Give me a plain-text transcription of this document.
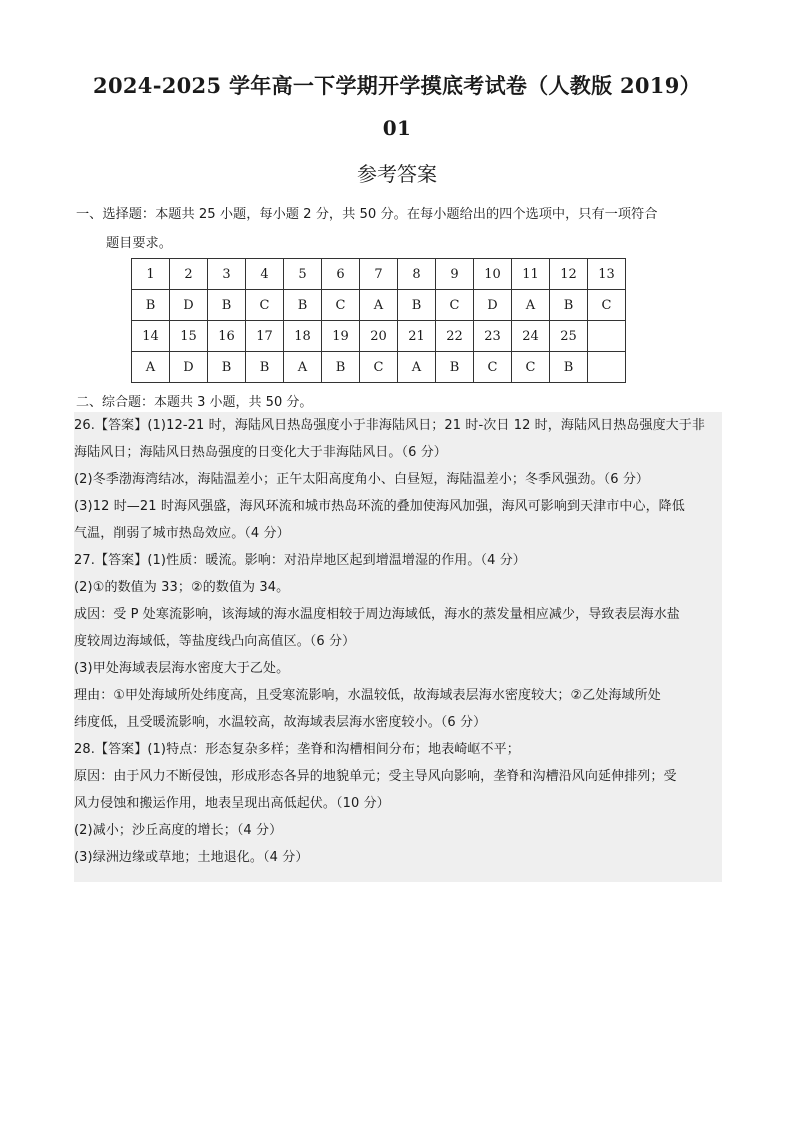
2024-2025 学年高一下学期开学摸底考试卷（人教版 2019）
01
参考答案
一、选择题：本题共 25 小题，每小题 2 分，共 50 分。在每小题给出的四个选项中，只有一项符合
题目要求。
1	2	3	4	5	6	7	8	9	10	11	12	13
B	D	B	C	B	C	A	B	C	D	A	B	C
14	15	16	17	18	19	20	21	22	23	24	25	
A	D	B	B	A	B	C	A	B	C	C	B	
二、综合题：本题共 3 小题，共 50 分。

26.【答案】(1)12-21 时，海陆风日热岛强度小于非海陆风日；21 时-次日 12 时，海陆风日热岛强度大于非

海陆风日；海陆风日热岛强度的日变化大于非海陆风日。（6 分）

(2)冬季渤海湾结冰，海陆温差小；正午太阳高度角小、白昼短，海陆温差小；冬季风强劲。（6 分）

(3)12 时—21 时海风强盛，海风环流和城市热岛环流的叠加使海风加强，海风可影响到天津市中心，降低

气温，削弱了城市热岛效应。（4 分）

27.【答案】(1)性质：暖流。影响：对沿岸地区起到增温增湿的作用。（4 分）

(2)①的数值为 33；②的数值为 34。

成因：受 P 处寒流影响，该海域的海水温度相较于周边海域低，海水的蒸发量相应减少，导致表层海水盐

度较周边海域低，等盐度线凸向高值区。（6 分）

(3)甲处海域表层海水密度大于乙处。

理由：①甲处海域所处纬度高，且受寒流影响，水温较低，故海域表层海水密度较大；②乙处海域所处

纬度低，且受暖流影响，水温较高，故海域表层海水密度较小。（6 分）

28.【答案】(1)特点：形态复杂多样；垄脊和沟槽相间分布；地表崎岖不平；

原因：由于风力不断侵蚀，形成形态各异的地貌单元；受主导风向影响，垄脊和沟槽沿风向延伸排列；受

风力侵蚀和搬运作用，地表呈现出高低起伏。（10 分）

(2)减小；沙丘高度的增长；（4 分）

(3)绿洲边缘或草地；土地退化。（4 分）
